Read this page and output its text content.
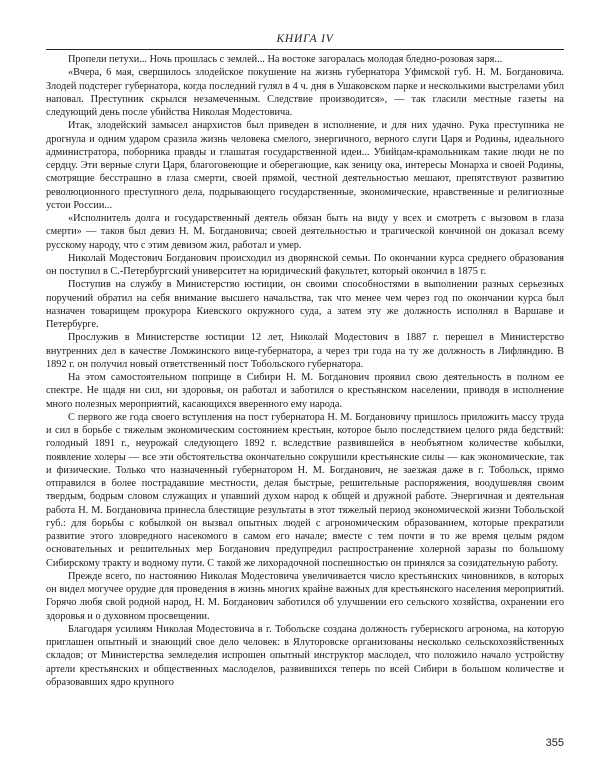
КНИГА IV

Пропели петухи... Ночь прошлась с землей... На востоке загоралась молодая бледно-розовая заря...

«Вчера, 6 мая, свершилось злодейское покушение на жизнь губернатора Уфимской губ. Н. М. Богдановича. Злодей подстерег губернатора, когда последний гулял в 4 ч. дня в Ушаковском парке и несколькими выстрелами убил наповал. Преступник скрылся незамеченным. Следствие производится», — так гласили местные газеты на следующий день после убийства Николая Модестовича.

Итак, злодейский замысел анархистов был приведен в исполнение, и для них удачно. Рука преступника не дрогнула и одним ударом сразила жизнь человека смелого, энергичного, верного слуги Царя и Родины, идеального администратора, поборника правды и глашатая государственной идеи... Убийцам-крамольникам такие люди не по сердцу. Эти верные слуги Царя, благоговеющие и оберегающие, как зеницу ока, интересы Монарха и своей Родины, смотрящие бесстрашно в глаза смерти, своей прямой, честной деятельностью мешают, препятствуют развитию революционного преступного дела, подрывающего государственные, экономические, нравственные и религиозные устои России...

«Исполнитель долга и государственный деятель обязан быть на виду у всех и смотреть с вызовом в глаза смерти» — таков был девиз Н. М. Богдановича; своей деятельностью и трагической кончиной он доказал всему русскому народу, что с этим девизом жил, работал и умер.

Николай Модестович Богданович происходил из дворянской семьи. По окончании курса среднего образования он поступил в С.-Петербургский университет на юридический факультет, который окончил в 1875 г.

Поступив на службу в Министерство юстиции, он своими способностями в выполнении разных серьезных поручений обратил на себя внимание высшего начальства, так что менее чем через год по окончании курса был назначен товарищем прокурора Киевского окружного суда, а затем эту же должность исполнял в Варшаве и Петербурге.

Прослужив в Министерстве юстиции 12 лет, Николай Модестович в 1887 г. перешел в Министерство внутренних дел в качестве Ломжинского вице-губернатора, а через три года на ту же должность в Лифляндию. В 1892 г. он получил новый ответственный пост Тобольского губернатора.

На этом самостоятельном поприще в Сибири Н. М. Богданович проявил свою деятельность в полном ее спектре. Не щадя ни сил, ни здоровья, он работал и заботился о крестьянском населении, приводя в исполнение много полезных мероприятий, касающихся вверенного ему народа.

С первого же года своего вступления на пост губернатора Н. М. Богдановичу пришлось приложить массу труда и сил в борьбе с тяжелым экономическим состоянием крестьян, которое было последствием целого ряда бедствий: голодный 1891 г., неурожай следующего 1892 г. вследствие развившейся в необъятном количестве кобылки, появление холеры — все эти обстоятельства окончательно сокрушили крестьянские силы — как экономические, так и физические. Только что назначенный губернатором Н. М. Богданович, не заезжая даже в г. Тобольск, прямо отправился в более пострадавшие местности, делая быстрые, решительные распоряжения, воодушевляя своим твердым, бодрым словом служащих и упавший духом народ к общей и дружной работе. Энергичная и деятельная работа Н. М. Богдановича принесла блестящие результаты в этот тяжелый период экономической жизни Тобольской губ.: для борьбы с кобылкой он вызвал опытных людей с агрономическим образованием, которые прекратили развитие этого зловредного насекомого в самом его начале; вместе с тем почти в то же время целым рядом основательных и решительных мер Богданович предупредил распространение холерной заразы по большому Сибирскому тракту и водному пути. С такой же лихорадочной поспешностью он принялся за созидательную работу.

Прежде всего, по настоянию Николая Модестовича увеличивается число крестьянских чиновников, в которых он видел могучее орудие для проведения в жизнь многих крайне важных для крестьянского населения мероприятий. Горячо любя свой родной народ, Н. М. Богданович заботился об улучшении его сельского хозяйства, охранении его здоровья и о духовном просвещении.

Благодаря усилиям Николая Модестовича в г. Тобольске создана должность губернского агронома, на которую приглашен опытный и знающий свое дело человек: в Ялуторовске организованы несколько сельскохозяйственных складов; от Министерства земледелия испрошен опытный инструктор маслодел, что положило начало устройству артели крестьянских и общественных маслоделов, развившихся теперь по всей Сибири в большом количестве и образовавших ядро крупного

355
